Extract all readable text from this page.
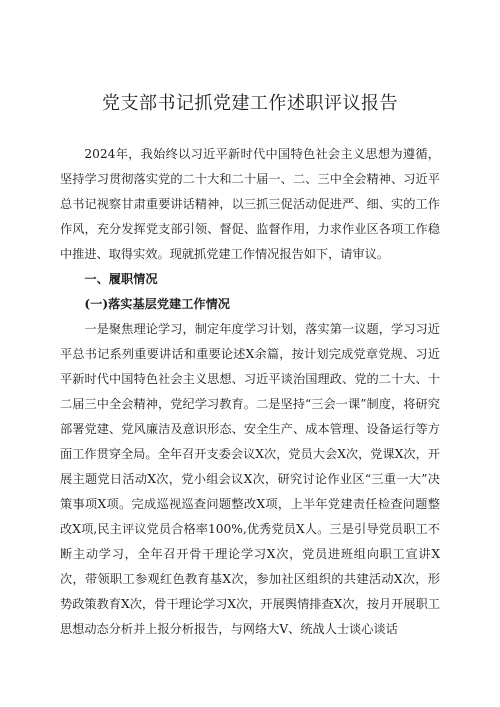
党支部书记抓党建工作述职评议报告

2024年，我始终以习近平新时代中国特色社会主义思想为遵循，坚持学习贯彻落实党的二十大和二十届一、二、三中全会精神、习近平总书记视察甘肃重要讲话精神，以三抓三促活动促进严、细、实的工作作风，充分发挥党支部引领、督促、监督作用，力求作业区各项工作稳中推进、取得实效。现就抓党建工作情况报告如下，请审议。

一、履职情况

(一)落实基层党建工作情况

一是聚焦理论学习，制定年度学习计划，落实第一议题，学习习近平总书记系列重要讲话和重要论述X余篇，按计划完成党章党规、习近平新时代中国特色社会主义思想、习近平谈治国理政、党的二十大、十二届三中全会精神，党纪学习教育。二是坚持“三会一课”制度，将研究部署党建、党风廉洁及意识形态、安全生产、成本管理、设备运行等方面工作贯穿全局。全年召开支委会议X次，党员大会X次，党课X次，开展主题党日活动X次，党小组会议X次，研究讨论作业区“三重一大”决策事项X项。完成巡视巡查问题整改X项，上半年党建责任检查问题整改X项,民主评议党员合格率100%,优秀党员X人。三是引导党员职工不断主动学习，全年召开骨干理论学习X次，党员进班组向职工宣讲X次，带领职工参观红色教育基X次，参加社区组织的共建活动X次，形势政策教育X次，骨干理论学习X次，开展舆情排查X次，按月开展职工思想动态分析并上报分析报告，与网络大V、统战人士谈心谈话
